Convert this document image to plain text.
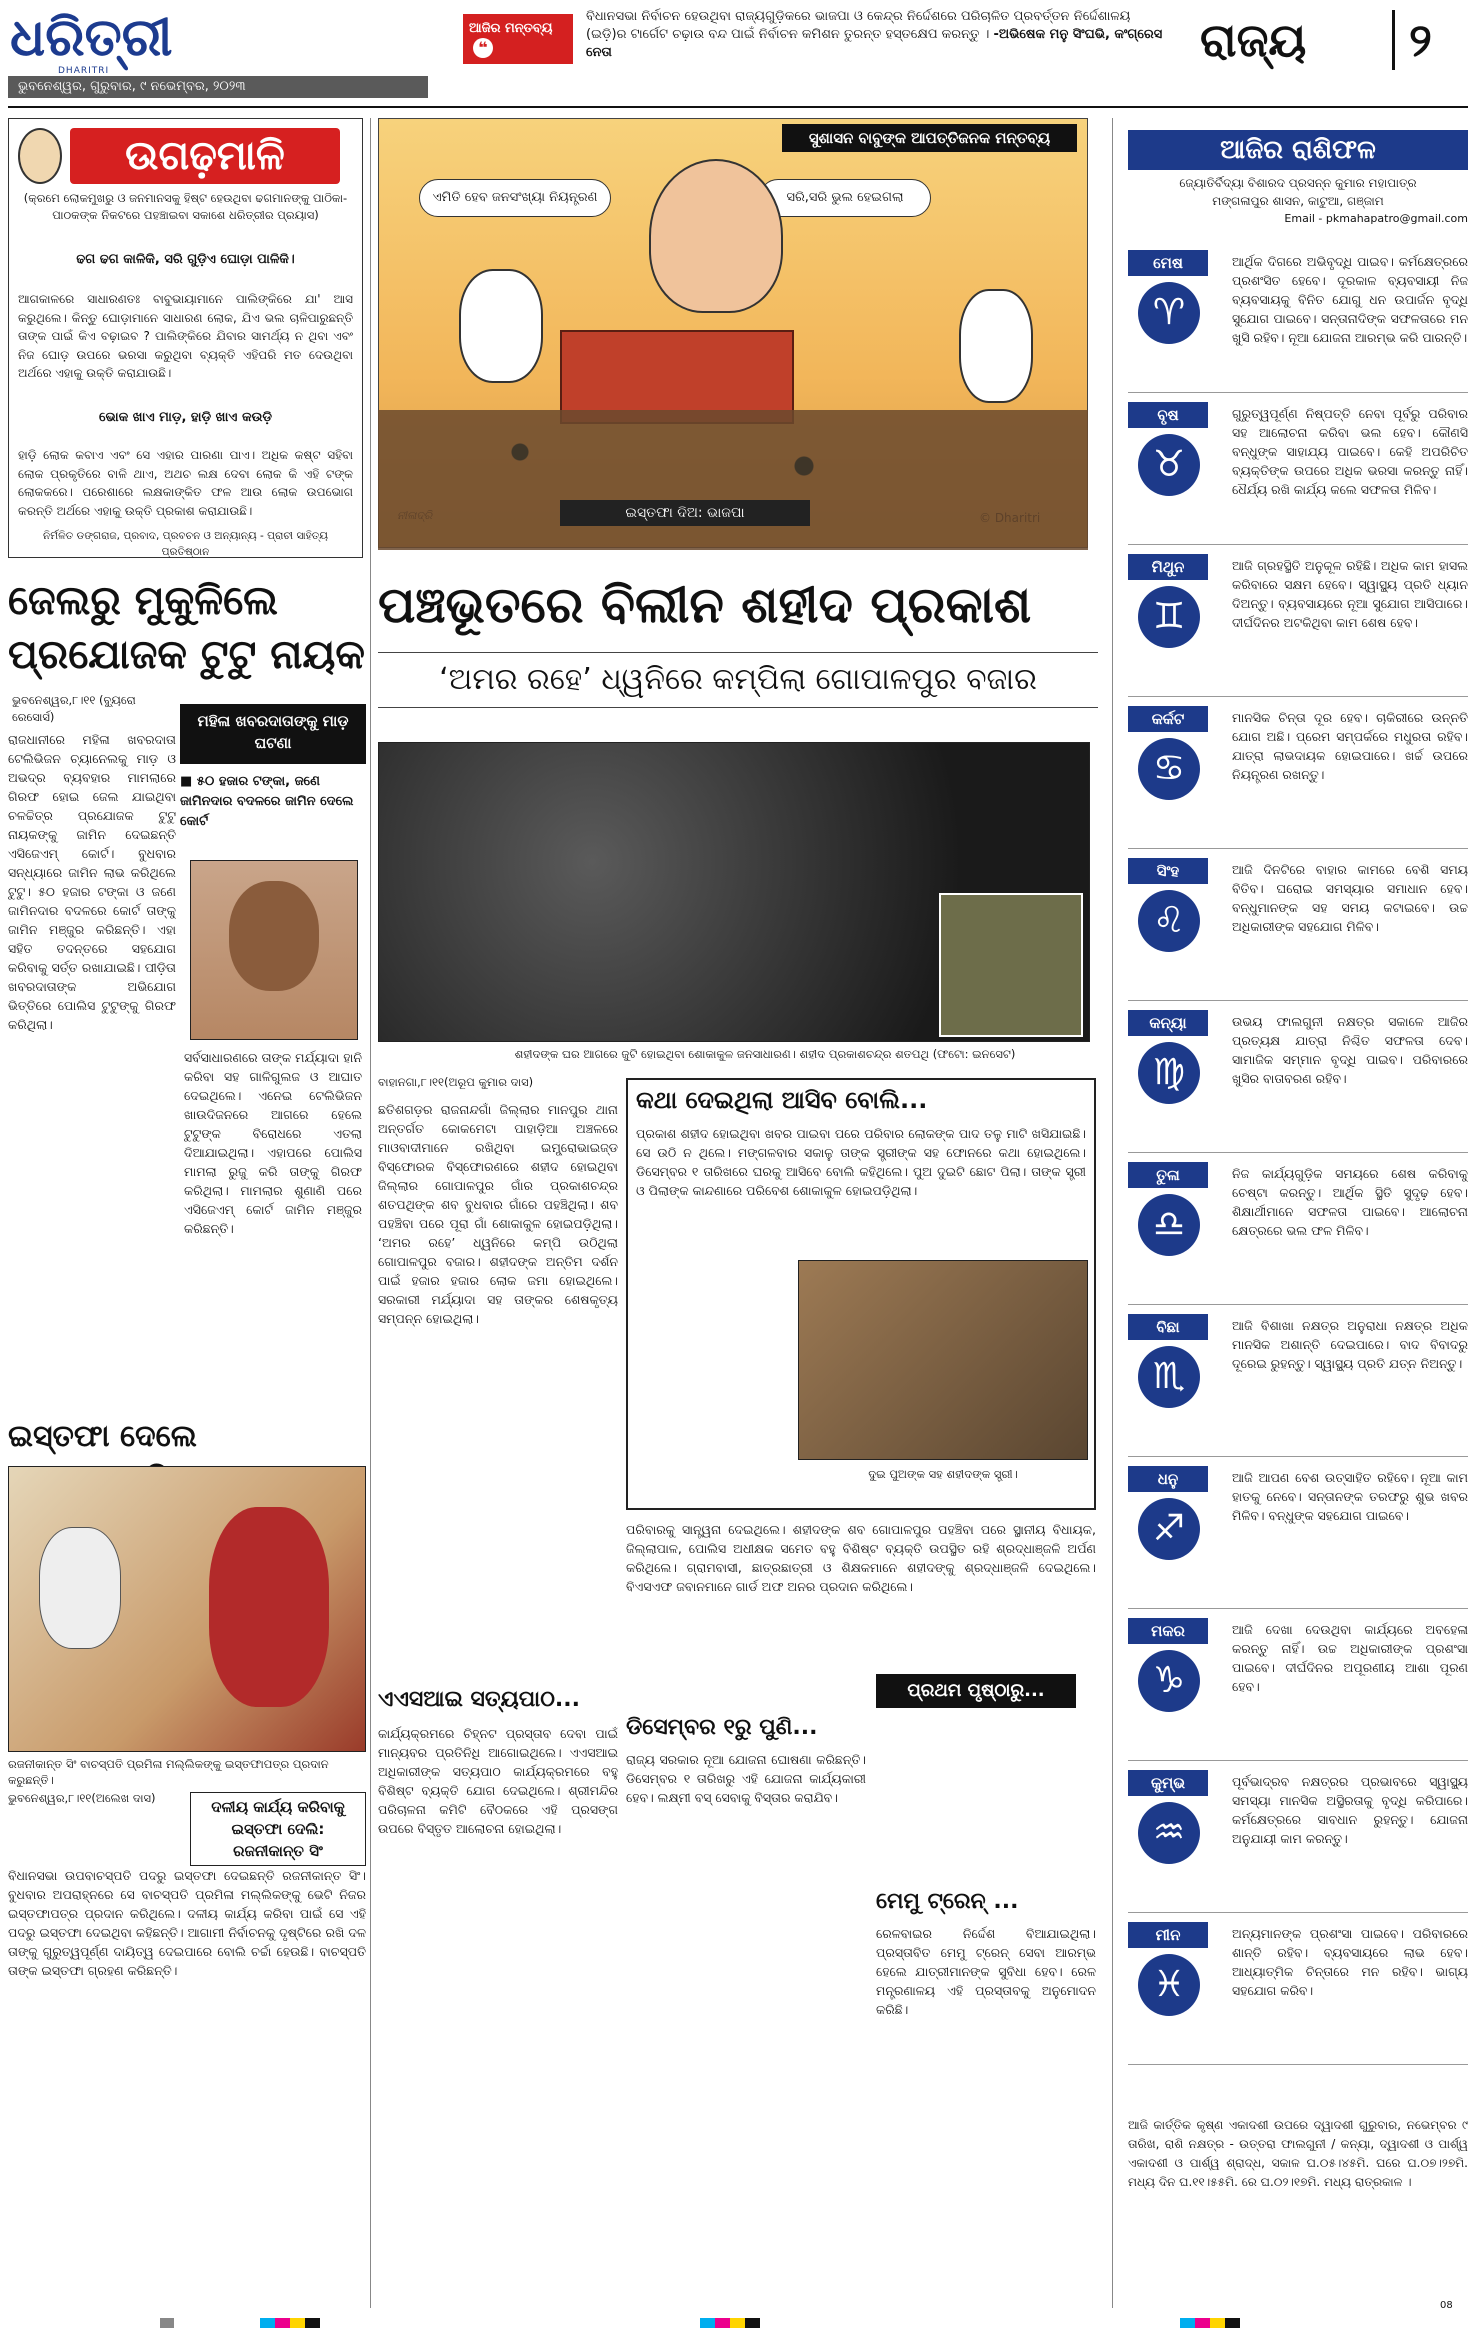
ଧରିତ୍ରୀ
DHARITRI
ଭୁବନେଶ୍ୱର, ଗୁରୁବାର, ୯ ନଭେମ୍ବର, ୨୦୨୩
ଆଜିର ମନ୍ତବ୍ୟ ❝
ବିଧାନସଭା ନିର୍ବାଚନ ହେଉଥିବା ରାଜ୍ୟଗୁଡ଼ିକରେ ଭାଜପା ଓ କେନ୍ଦ୍ର ନିର୍ଦ୍ଦେଶରେ ପରିଚାଳିତ ପ୍ରବର୍ତ୍ତନ ନିର୍ଦ୍ଦେଶାଳୟ (ଇଡ଼ି)ର ଟାର୍ଗେଟ ଚଢ଼ାଉ ବନ୍ଦ ପାଇଁ ନିର୍ବାଚନ କମିଶନ ତୁରନ୍ତ ହସ୍ତକ୍ଷେପ କରନ୍ତୁ । -ଅଭିଷେକ ମନୁ ସିଂଘଭି, କଂଗ୍ରେସ ନେତା	ରାଜ୍ୟ	୨
ଉଗଢ଼ମାଳି
(କ୍ରମେ ଲୋକମୁଖରୁ ଓ ଜନମାନସକୁ ହିଷ୍ଟ ହେଉଥିବା ଢଗମାନଙ୍କୁ ପାଠିକା-ପାଠକଙ୍କ ନିକଟରେ ପହଞ୍ଚାଇବା ସକାଶେ ଧରିତ୍ରୀର ପ୍ରୟାସ)
ଢଗ ଢଗ କାଳିକି, ସରି ଗୁଡ଼ିଏ ଘୋଡ଼ା ପାଳିକି।
ଆଗକାଳରେ ସାଧାରଣତଃ ବାବୁଭାୟାମାନେ ପାଲିଙ୍କିରେ ଯା' ଆସ କରୁଥିଲେ। କିନ୍ତୁ ଘୋଡ଼ାମାନେ ସାଧାରଣ ଲୋକ, ଯିଏ ଭଲ ଚାଳିପାରୁଛନ୍ତି ତାଙ୍କ ପାଇଁ କିଏ ବଢ଼ାଇବ ? ପାଲିଙ୍କିରେ ଯିବାର ସାମର୍ଥ୍ୟ ନ ଥିବା ଏବଂ ନିଜ ଘୋଡ଼ ଉପରେ ଭରସା କରୁଥିବା ବ୍ୟକ୍ତି ଏହିପରି ମତ ଦେଉଥିବା ଅର୍ଥରେ ଏହାକୁ ଉକ୍ତି କରାଯାଉଛି।
ଭୋକ ଖାଏ ମାଡ଼, ହାଡ଼ି ଖାଏ କଉଡ଼ି
ହାଡ଼ି ଲୋକ କବାଏ ଏବଂ ସେ ଏହାର ପାରଣା ପାଏ। ଅଧିକ କଷ୍ଟ ସହିବା ଲୋକ ପ୍ରକୃତିରେ ବାଳି ଥାଏ, ଅଥଚ ଲକ୍ଷ ଦେବା ଲୋକ କି ଏହି ଟଙ୍କ ଲୋକକରେ। ପରେଶାରେ ଲକ୍ଷକାଙ୍କିତ ଫଳ ଆଉ ଲୋକ ଉପଭୋଗ କରନ୍ତି ଅର୍ଥରେ ଏହାକୁ ଉକ୍ତି ପ୍ରକାଶ କରାଯାଉଛି।
ନିର୍ମଳିତ ଡଙ୍ଗରାଜ, ପ୍ରବାଦ, ପ୍ରବଚନ ଓ ଅନ୍ୟାନ୍ୟ - ପ୍ରାଚୀ ସାହିତ୍ୟ ପ୍ରତିଷ୍ଠାନ
ଏମିତି ହେବ ଜନସଂଖ୍ୟା ନିୟନ୍ତ୍ରଣ	ସରି,ସରି ଭୁଲ ହେଇଗଲା
ସୁଶାସନ ବାବୁଙ୍କ ଆପତ୍ତିଜନକ ମନ୍ତବ୍ୟ
ଇସ୍ତଫା ଦିଅ: ଭାଜପା
ଆଜିର ରାଶିଫଳ
ଜ୍ୟୋତିର୍ବିଦ୍ୟା ବିଶାରଦ ପ୍ରସନ୍ନ କୁମାର ମହାପାତ୍ର
ମଙ୍ଗଳାପୁର ଶାସନ, କାଟୁଆ, ଗଞ୍ଜାମ
Email - pkmahapatro@gmail.com
ମେଷ
♈
ଆର୍ଥିକ ଦିଗରେ ଅଭିବୃଦ୍ଧି ପାଇବ। କର୍ମକ୍ଷେତ୍ରରେ ପ୍ରଶଂସିତ ହେବେ। ଦୂରକାଳ ବ୍ୟବସାୟୀ ନିଜ ବ୍ୟବସାୟକୁ ବିନିତ ଯୋଗୁ ଧନ ଉପାର୍ଜନ ବୃଦ୍ଧି ସୁଯୋଗ ପାଇବେ। ସନ୍ତାନାଦିଙ୍କ ସଫଳତାରେ ମନ ଖୁସି ରହିବ। ନୂଆ ଯୋଜନା ଆରମ୍ଭ କରି ପାରନ୍ତି।
ବୃଷ
♉
ଗୁରୁତ୍ୱପୂର୍ଣ୍ଣ ନିଷ୍ପତ୍ତି ନେବା ପୂର୍ବରୁ ପରିବାର ସହ ଆଲୋଚନା କରିବା ଭଲ ହେବ। କୌଣସି ବନ୍ଧୁଙ୍କ ସାହାଯ୍ୟ ପାଇବେ। କେହି ଅପରିଚିତ ବ୍ୟକ୍ତିଙ୍କ ଉପରେ ଅଧିକ ଭରସା କରନ୍ତୁ ନାହିଁ। ଧୈର୍ଯ୍ୟ ରଖି କାର୍ଯ୍ୟ କଲେ ସଫଳତା ମିଳିବ।
ମିଥୁନ
♊
ଆଜି ଗ୍ରହସ୍ଥିତି ଅନୁକୂଳ ରହିଛି। ଅଧିକ କାମ ହାସଲ କରିବାରେ ସକ୍ଷମ ହେବେ। ସ୍ୱାସ୍ଥ୍ୟ ପ୍ରତି ଧ୍ୟାନ ଦିଅନ୍ତୁ। ବ୍ୟବସାୟରେ ନୂଆ ସୁଯୋଗ ଆସିପାରେ। ଦୀର୍ଘଦିନର ଅଟକିଥିବା କାମ ଶେଷ ହେବ।
କର୍କଟ
♋
ମାନସିକ ଚିନ୍ତା ଦୂର ହେବ। ଚାକିରୀରେ ଉନ୍ନତି ଯୋଗ ଅଛି। ପ୍ରେମ ସମ୍ପର୍କରେ ମଧୁରତା ରହିବ। ଯାତ୍ରା ଲାଭଦାୟକ ହୋଇପାରେ। ଖର୍ଚ୍ଚ ଉପରେ ନିୟନ୍ତ୍ରଣ ରଖନ୍ତୁ।
ସିଂହ
♌
ଆଜି ଦିନଟିରେ ବାହାର କାମରେ ବେଶି ସମୟ ବିତିବ। ଘରୋଇ ସମସ୍ୟାର ସମାଧାନ ହେବ। ବନ୍ଧୁମାନଙ୍କ ସହ ସମୟ କଟାଇବେ। ଉଚ୍ଚ ଅଧିକାରୀଙ୍କ ସହଯୋଗ ମିଳିବ।
କନ୍ୟା
♍
ଉଭୟ ଫାଲଗୁନୀ ନକ୍ଷତ୍ର ସକାଳେ ଆଜିର ପ୍ରତ୍ୟକ୍ଷ ଯାତ୍ରା ନିଶ୍ଚିତ ସଫଳତା ଦେବ। ସାମାଜିକ ସମ୍ମାନ ବୃଦ୍ଧି ପାଇବ। ପରିବାରରେ ଖୁସିର ବାତାବରଣ ରହିବ।
ତୁଳା
♎
ନିଜ କାର୍ଯ୍ୟଗୁଡ଼ିକ ସମୟରେ ଶେଷ କରିବାକୁ ଚେଷ୍ଟା କରନ୍ତୁ। ଆର୍ଥିକ ସ୍ଥିତି ସୁଦୃଢ଼ ହେବ। ଶିକ୍ଷାର୍ଥୀମାନେ ସଫଳତା ପାଇବେ। ଆଲୋଚନା କ୍ଷେତ୍ରରେ ଭଲ ଫଳ ମିଳିବ।
ବିଛା
♏
ଆଜି ବିଶାଖା ନକ୍ଷତ୍ର ଅନୁରାଧା ନକ୍ଷତ୍ର ଅଧିକ ମାନସିକ ଅଶାନ୍ତି ଦେଇପାରେ। ବାଦ ବିବାଦରୁ ଦୂରେଇ ରୁହନ୍ତୁ। ସ୍ୱାସ୍ଥ୍ୟ ପ୍ରତି ଯତ୍ନ ନିଅନ୍ତୁ।
ଧନୁ
♐
ଆଜି ଆପଣ ବେଶ ଉତ୍ସାହିତ ରହିବେ। ନୂଆ କାମ ହାତକୁ ନେବେ। ସନ୍ତାନଙ୍କ ତରଫରୁ ଶୁଭ ଖବର ମିଳିବ। ବନ୍ଧୁଙ୍କ ସହଯୋଗ ପାଇବେ।
ମକର
♑
ଆଜି ଦେଖା ଦେଉଥିବା କାର୍ଯ୍ୟରେ ଅବହେଳା କରନ୍ତୁ ନାହିଁ। ଉଚ୍ଚ ଅଧିକାରୀଙ୍କ ପ୍ରଶଂସା ପାଇବେ। ଦୀର୍ଘଦିନର ଅପୂରଣୀୟ ଆଶା ପୂରଣ ହେବ।
କୁମ୍ଭ
♒
ପୂର୍ବଭାଦ୍ରବ ନକ୍ଷତ୍ରର ପ୍ରଭାବରେ ସ୍ୱାସ୍ଥ୍ୟ ସମସ୍ୟା ମାନସିକ ଅସ୍ଥିରତାକୁ ବୃଦ୍ଧି କରିପାରେ। କର୍ମକ୍ଷେତ୍ରରେ ସାବଧାନ ରୁହନ୍ତୁ। ଯୋଜନା ଅନୁଯାୟୀ କାମ କରନ୍ତୁ।
ମୀନ
♓
ଅନ୍ୟମାନଙ୍କ ପ୍ରଶଂସା ପାଇବେ। ପରିବାରରେ ଶାନ୍ତି ରହିବ। ବ୍ୟବସାୟରେ ଲାଭ ହେବ। ଆଧ୍ୟାତ୍ମିକ ଚିନ୍ତାରେ ମନ ରହିବ। ଭାଗ୍ୟ ସହଯୋଗ କରିବ।
ଆଜି କାର୍ତ୍ତିକ କୃଷ୍ଣ ଏକାଦଶୀ ଉପରେ ଦ୍ୱାଦଶୀ ଗୁରୁବାର, ନଭେମ୍ବର ୯ ତାରିଖ, ରାଶି ନକ୍ଷତ୍ର - ଉତ୍ତରା ଫାଲଗୁନୀ / କନ୍ୟା, ଦ୍ୱାଦଶୀ ଓ ପାର୍ଶ୍ୱ ଏକାଦଶୀ ଓ ପାର୍ଶ୍ୱ ଶ୍ରାଦ୍ଧ, ସକାଳ ଘ.୦୫।୪୫ମି. ଘରେ ଘ.୦୭।୨୭ମି. ମଧ୍ୟ ଦିନ ଘ.୧୧।୫୫ମି. ରେ ଘ.୦୨।୧୭ମି. ମଧ୍ୟ ରାତ୍ରକାଳ ।
ଜେଲରୁ ମୁକୁଳିଲେ ପ୍ରଯୋଜକ ଟୁଟୁ ନାୟକ
ମହିଳା ଖବରଦାତାଙ୍କୁ ମାଡ଼ ଘଟଣା
■ ୫୦ ହଜାର ଟଙ୍କା, ଜଣେ ଜାମିନଦାର ବଦଳରେ ଜାମିନ ଦେଲେ କୋର୍ଟ
ଭୁବନେଶ୍ୱର,୮।୧୧ (ବ୍ୟୁରୋ ରେସୋର୍ସ)
ରାଜଧାନୀରେ ମହିଳା ଖବରଦାତା ଟେଲିଭିଜନ ଚ୍ୟାନେଲକୁ ମାଡ଼ ଓ ଅଭଦ୍ର ବ୍ୟବହାର ମାମଲାରେ ଗିରଫ ହୋଇ ଜେଲ ଯାଇଥିବା ଚଳଚ୍ଚିତ୍ର ପ୍ରଯୋଜକ ଟୁଟୁ ନାୟକଙ୍କୁ ଜାମିନ ଦେଇଛନ୍ତି ଏସିଜେଏମ୍ କୋର୍ଟ। ବୁଧବାର ସନ୍ଧ୍ୟାରେ ଜାମିନ ଲାଭ କରିଥିଲେ ଟୁଟୁ। ୫୦ ହଜାର ଟଙ୍କା ଓ ଜଣେ ଜାମିନଦାର ବଦଳରେ କୋର୍ଟ ତାଙ୍କୁ ଜାମିନ ମଞ୍ଜୁର କରିଛନ୍ତି। ଏହା ସହିତ ତଦନ୍ତରେ ସହଯୋଗ କରିବାକୁ ସର୍ତ୍ତ ରଖାଯାଇଛି। ପୀଡ଼ିତା ଖବରଦାତାଙ୍କ ଅଭିଯୋଗ ଭିତ୍ତିରେ ପୋଲିସ ଟୁଟୁଙ୍କୁ ଗିରଫ କରିଥିଲା।
ସର୍ବସାଧାରଣରେ ତାଙ୍କ ମର୍ଯ୍ୟାଦା ହାନି କରିବା ସହ ଗାଳିଗୁଲଜ ଓ ଆଘାତ ଦେଇଥିଲେ। ଏନେଇ ଟେଲିଭିଜନ ଖାଉଦିଜନରେ ଆଗରେ ହେଲେ ଟୁଟୁଙ୍କ ବିରୋଧରେ ଏତଲା ଦିଆଯାଇଥିଲା। ଏହାପରେ ପୋଲିସ ମାମଲା ରୁଜୁ କରି ତାଙ୍କୁ ଗିରଫ କରିଥିଲା। ମାମଲାର ଶୁଣାଣି ପରେ ଏସିଜେଏମ୍ କୋର୍ଟ ଜାମିନ ମଞ୍ଜୁର କରିଛନ୍ତି।
ଇସ୍ତଫା ଦେଲେ
ରଜନୀକାନ୍ତ ସିଂ ବାଚସ୍ପତି ପ୍ରମିଳା ମଲ୍ଲିକଙ୍କୁ ଇସ୍ତଫାପତ୍ର ପ୍ରଦାନ କରୁଛନ୍ତି।
ଭୁବନେଶ୍ୱର,୮।୧୧(ଅଲେଖ ଦାସ)	ଦଳୀୟ କାର୍ଯ୍ୟ କରିବାକୁ ଇସ୍ତଫା ଦେଲି: ରଜନୀକାନ୍ତ ସିଂ
ବିଧାନସଭା ଉପବାଚସ୍ପତି ପଦରୁ ଇସ୍ତଫା ଦେଇଛନ୍ତି ରଜନୀକାନ୍ତ ସିଂ। ବୁଧବାର ଅପରାହ୍ନରେ ସେ ବାଚସ୍ପତି ପ୍ରମିଳା ମଲ୍ଲିକଙ୍କୁ ଭେଟି ନିଜର ଇସ୍ତଫାପତ୍ର ପ୍ରଦାନ କରିଥିଲେ। ଦଳୀୟ କାର୍ଯ୍ୟ କରିବା ପାଇଁ ସେ ଏହି ପଦରୁ ଇସ୍ତଫା ଦେଇଥିବା କହିଛନ୍ତି। ଆଗାମୀ ନିର୍ବାଚନକୁ ଦୃଷ୍ଟିରେ ରଖି ଦଳ ତାଙ୍କୁ ଗୁରୁତ୍ୱପୂର୍ଣ୍ଣ ଦାୟିତ୍ୱ ଦେଇପାରେ ବୋଲି ଚର୍ଚ୍ଚା ହେଉଛି। ବାଚସ୍ପତି ତାଙ୍କ ଇସ୍ତଫା ଗ୍ରହଣ କରିଛନ୍ତି।
ପଞ୍ଚଭୂତରେ ବିଲୀନ ଶହୀଦ ପ୍ରକାଶ
‘ଅମର ରହେ’ ଧ୍ୱନିରେ କମ୍ପିଲା ଗୋପାଳପୁର ବଜାର
ଶହୀଦଙ୍କ ଘର ଆଗରେ ଜୁଟି ହୋଇଥିବା ଶୋକାକୁଳ ଜନସାଧାରଣ। ଶହୀଦ ପ୍ରକାଶଚନ୍ଦ୍ର ଶତପଥି (ଫଟୋ: ଇନସେଟ)
ବାହାନଗା,୮।୧୧(ଅରୂପ କୁମାର ଦାସ)
ଛତିଶଗଡ଼ର ରାଜନାନ୍ଦଗାଁ ଜିଲ୍ଲାର ମାନପୁର ଥାନା ଅନ୍ତର୍ଗତ କୋକମେଟା ପାହାଡ଼ିଆ ଅଞ୍ଚଳରେ ମାଓବାଦୀମାନେ ରଖିଥିବା ଇମ୍ପ୍ରୋଭାଇଜ୍ଡ ବିସ୍ଫୋରକ ବିସ୍ଫୋରଣରେ ଶହୀଦ ହୋଇଥିବା ଜିଲ୍ଲାର ଗୋପାଳପୁର ଗାଁର ପ୍ରକାଶଚନ୍ଦ୍ର ଶତପଥିଙ୍କ ଶବ ବୁଧବାର ଗାଁରେ ପହଞ୍ଚିଥିଲା। ଶବ ପହଞ୍ଚିବା ପରେ ପୂରା ଗାଁ ଶୋକାକୁଳ ହୋଇପଡ଼ିଥିଲା। ‘ଅମର ରହେ’ ଧ୍ୱନିରେ କମ୍ପି ଉଠିଥିଲା ଗୋପାଳପୁର ବଜାର। ଶହୀଦଙ୍କ ଅନ୍ତିମ ଦର୍ଶନ ପାଇଁ ହଜାର ହଜାର ଲୋକ ଜମା ହୋଇଥିଲେ। ସରକାରୀ ମର୍ଯ୍ୟାଦା ସହ ତାଙ୍କର ଶେଷକୃତ୍ୟ ସମ୍ପନ୍ନ ହୋଇଥିଲା।
ପରିବାରକୁ ସାନ୍ତ୍ୱନା ଦେଇଥିଲେ। ଶହୀଦଙ୍କ ଶବ ଗୋପାଳପୁର ପହଞ୍ଚିବା ପରେ ସ୍ଥାନୀୟ ବିଧାୟକ, ଜିଲ୍ଲାପାଳ, ପୋଲିସ ଅଧୀକ୍ଷକ ସମେତ ବହୁ ବିଶିଷ୍ଟ ବ୍ୟକ୍ତି ଉପସ୍ଥିତ ରହି ଶ୍ରଦ୍ଧାଞ୍ଜଳି ଅର୍ପଣ କରିଥିଲେ। ଗ୍ରାମବାସୀ, ଛାତ୍ରଛାତ୍ରୀ ଓ ଶିକ୍ଷକମାନେ ଶହୀଦଙ୍କୁ ଶ୍ରଦ୍ଧାଞ୍ଜଳି ଦେଇଥିଲେ। ବିଏସଏଫ ଜବାନମାନେ ଗାର୍ଡ ଅଫ ଅନର ପ୍ରଦାନ କରିଥିଲେ।
କଥା ଦେଇଥିଲା ଆସିବ ବୋଲି...
ପ୍ରକାଶ ଶହୀଦ ହୋଇଥିବା ଖବର ପାଇବା ପରେ ପରିବାର ଲୋକଙ୍କ ପାଦ ତଳୁ ମାଟି ଖସିଯାଇଛି। ସେ ଉଠି ନ ଥିଲେ। ମଙ୍ଗଳବାର ସକାଳୁ ତାଙ୍କ ସ୍ତ୍ରୀଙ୍କ ସହ ଫୋନରେ କଥା ହୋଇଥିଲେ। ଡିସେମ୍ବର ୧ ତାରିଖରେ ଘରକୁ ଆସିବେ ବୋଲି କହିଥିଲେ। ପୁଅ ଦୁଇଟି ଛୋଟ ପିଲା। ତାଙ୍କ ସ୍ତ୍ରୀ ଓ ପିଲାଙ୍କ କାନ୍ଦଣାରେ ପରିବେଶ ଶୋକାକୁଳ ହୋଇପଡ଼ିଥିଲା।
ଦୁଇ ପୁଅଙ୍କ ସହ ଶହୀଦଙ୍କ ସ୍ତ୍ରୀ।
ଏଏସଆଇ ସତ୍ୟପାଠ...
କାର୍ଯ୍ୟକ୍ରମରେ ଚିହ୍ନଟ ପ୍ରସ୍ତାବ ଦେବା ପାଇଁ ମାନ୍ୟବର ପ୍ରତିନିଧି ଆଗୋଇଥିଲେ। ଏଏସଆଇ ଅଧିକାରୀଙ୍କ ସତ୍ୟପାଠ କାର୍ଯ୍ୟକ୍ରମରେ ବହୁ ବିଶିଷ୍ଟ ବ୍ୟକ୍ତି ଯୋଗ ଦେଇଥିଲେ। ଶ୍ରୀମନ୍ଦିର ପରିଚାଳନା କମିଟି ବୈଠକରେ ଏହି ପ୍ରସଙ୍ଗ ଉପରେ ବିସ୍ତୃତ ଆଲୋଚନା ହୋଇଥିଲା।
ପ୍ରଥମ ପୃଷ୍ଠାରୁ...
ଡିସେମ୍ବର ୧ରୁ ପୁଣି...
ରାଜ୍ୟ ସରକାର ନୂଆ ଯୋଜନା ଘୋଷଣା କରିଛନ୍ତି। ଡିସେମ୍ବର ୧ ତାରିଖରୁ ଏହି ଯୋଜନା କାର୍ଯ୍ୟକାରୀ ହେବ। ଲକ୍ଷ୍ମୀ ବସ୍ ସେବାକୁ ବିସ୍ତାର କରାଯିବ।
ମେମୁ ଟ୍ରେନ୍ ...
ରେଳବାଇର ନିର୍ଦ୍ଦେଶ ବିଆଯାଇଥିଲା। ପ୍ରସ୍ତାବିତ ମେମୁ ଟ୍ରେନ୍ ସେବା ଆରମ୍ଭ ହେଲେ ଯାତ୍ରୀମାନଙ୍କ ସୁବିଧା ହେବ। ରେଳ ମନ୍ତ୍ରଣାଳୟ ଏହି ପ୍ରସ୍ତାବକୁ ଅନୁମୋଦନ କରିଛି।
08
